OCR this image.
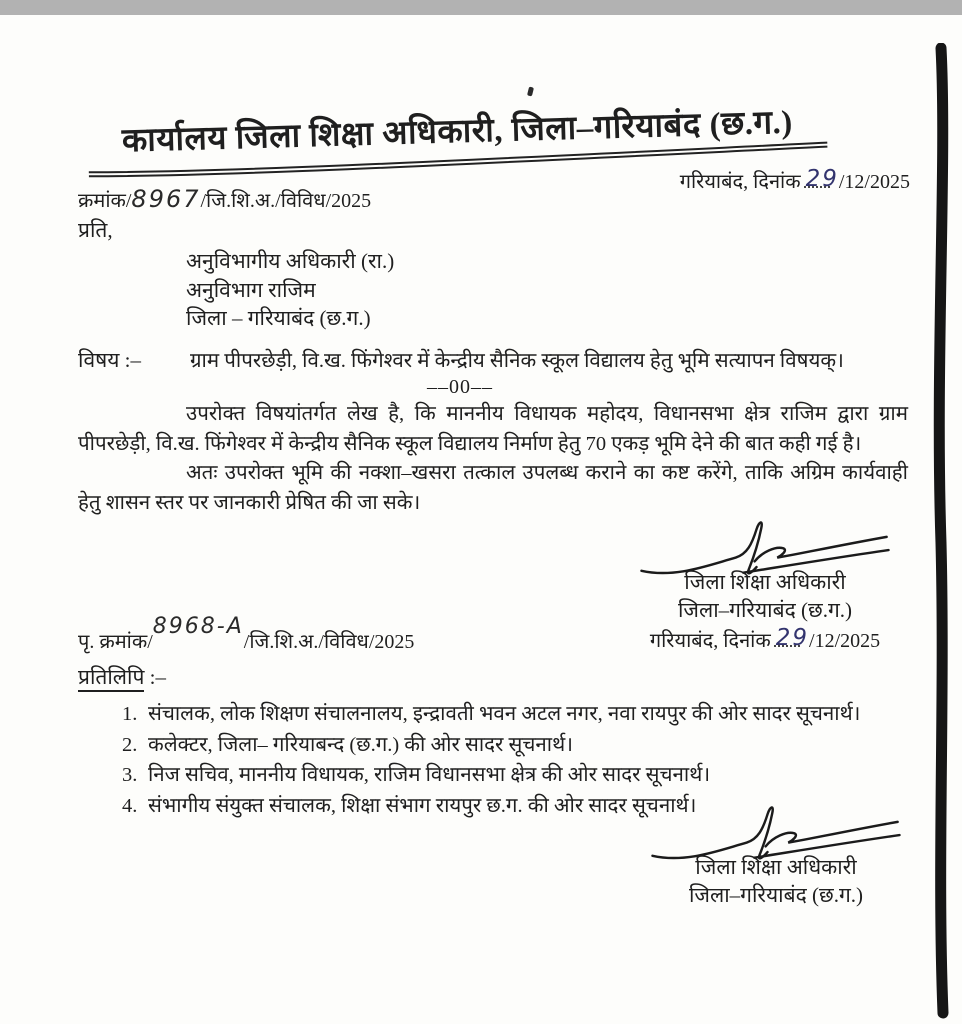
कार्यालय जिला शिक्षा अधिकारी, जिला–गरियाबंद (छ.ग.)
क्रमांक/8967/जि.शि.अ./विविध/2025
गरियाबंद, दिनांक 29/12/2025
प्रति,
अनुविभागीय अधिकारी (रा.)
अनुविभाग राजिम
जिला – गरियाबंद (छ.ग.)
विषय :–	ग्राम पीपरछेड़ी, वि.ख. फिंगेश्वर में केन्द्रीय सैनिक स्कूल विद्यालय हेतु भूमि सत्यापन विषयक्।
––00––

उपरोक्त विषयांतर्गत लेख है, कि माननीय विधायक महोदय, विधानसभा क्षेत्र राजिम द्वारा ग्राम पीपरछेड़ी, वि.ख. फिंगेश्वर में केन्द्रीय सैनिक स्कूल विद्यालय निर्माण हेतु 70 एकड़ भूमि देने की बात कही गई है।

अतः उपरोक्त भूमि की नक्शा–खसरा तत्काल उपलब्ध कराने का कष्ट करेंगे, ताकि अग्रिम कार्यवाही हेतु शासन स्तर पर जानकारी प्रेषित की जा सके।

जिला शिक्षा अधिकारी
जिला–गरियाबंद (छ.ग.)
गरियाबंद, दिनांक 29/12/2025
पृ. क्रमांक/8968-A/जि.शि.अ./विविध/2025
प्रतिलिपि :–
1. संचालक, लोक शिक्षण संचालनालय, इन्द्रावती भवन अटल नगर, नवा रायपुर की ओर सादर सूचनार्थ।
2. कलेक्टर, जिला– गरियाबन्द (छ.ग.) की ओर सादर सूचनार्थ।
3. निज सचिव, माननीय विधायक, राजिम विधानसभा क्षेत्र की ओर सादर सूचनार्थ।
4. संभागीय संयुक्त संचालक, शिक्षा संभाग रायपुर छ.ग. की ओर सादर सूचनार्थ।
जिला शिक्षा अधिकारी
जिला–गरियाबंद (छ.ग.)
